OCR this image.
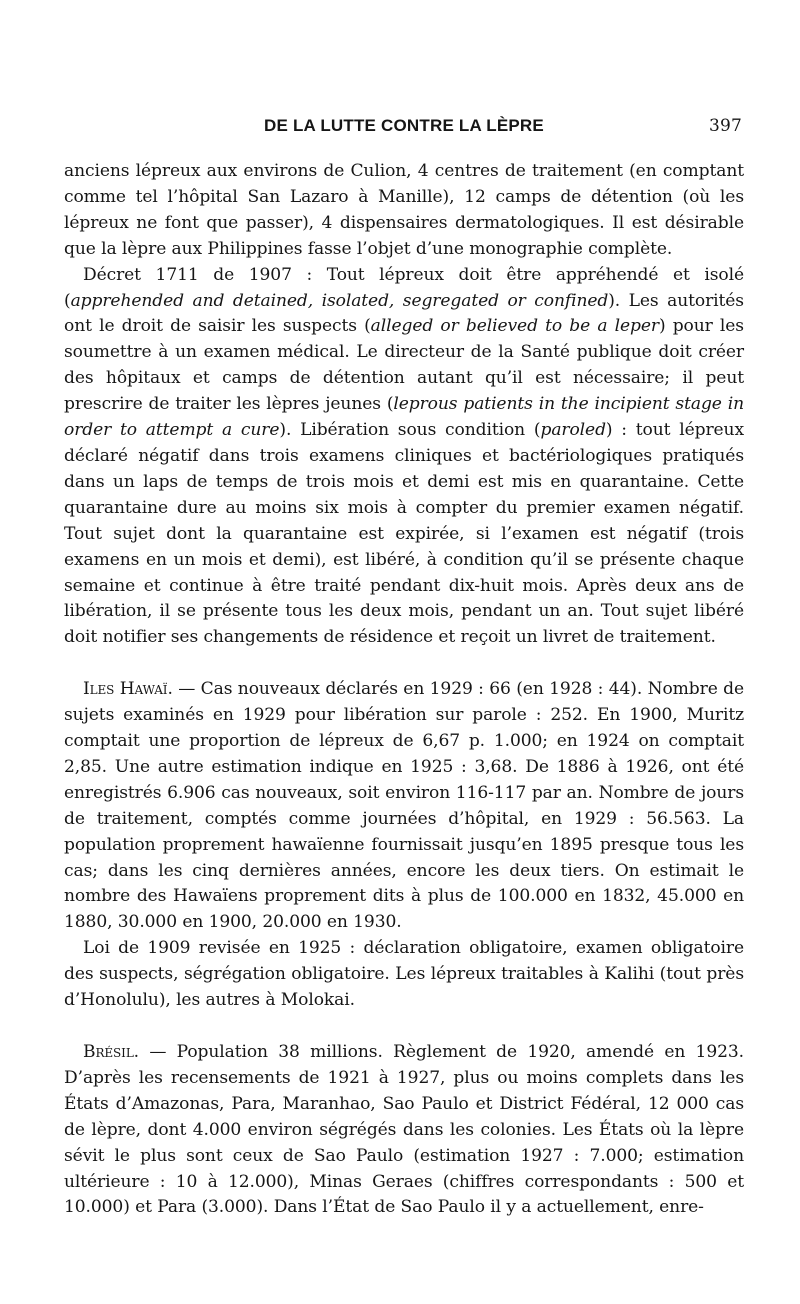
DE LA LUTTE CONTRE LA LÈPRE	397

anciens lépreux aux environs de Culion, 4 centres de traitement (en comptant comme tel l’hôpital San Lazaro à Manille), 12 camps de détention (où les lépreux ne font que passer), 4 dispensaires dermatologiques. Il est désirable que la lèpre aux Philippines fasse l’objet d’une monographie complète.

Décret 1711 de 1907 : Tout lépreux doit être appréhendé et isolé (apprehended and detained, isolated, segregated or confined). Les autorités ont le droit de saisir les suspects (alleged or believed to be a leper) pour les soumettre à un examen médical. Le directeur de la Santé publique doit créer des hôpitaux et camps de détention autant qu’il est nécessaire; il peut prescrire de traiter les lèpres jeunes (leprous patients in the incipient stage in order to attempt a cure). Libération sous condition (paroled) : tout lépreux déclaré négatif dans trois examens cliniques et bactériologiques pratiqués dans un laps de temps de trois mois et demi est mis en quarantaine. Cette quarantaine dure au moins six mois à compter du premier examen négatif. Tout sujet dont la quarantaine est expirée, si l’examen est négatif (trois examens en un mois et demi), est libéré, à condition qu’il se présente chaque semaine et continue à être traité pendant dix-huit mois. Après deux ans de libération, il se présente tous les deux mois, pendant un an. Tout sujet libéré doit notifier ses changements de résidence et reçoit un livret de traitement.

Iles Hawaï. — Cas nouveaux déclarés en 1929 : 66 (en 1928 : 44). Nombre de sujets examinés en 1929 pour libération sur parole : 252. En 1900, Muritz comptait une proportion de lépreux de 6,67 p. 1.000; en 1924 on comptait 2,85. Une autre estimation indique en 1925 : 3,68. De 1886 à 1926, ont été enregistrés 6.906 cas nouveaux, soit environ 116-117 par an. Nombre de jours de traitement, comptés comme journées d’hôpital, en 1929 : 56.563. La population proprement hawaïenne fournissait jusqu’en 1895 presque tous les cas; dans les cinq dernières années, encore les deux tiers. On estimait le nombre des Hawaïens proprement dits à plus de 100.000 en 1832, 45.000 en 1880, 30.000 en 1900, 20.000 en 1930.

Loi de 1909 revisée en 1925 : déclaration obligatoire, examen obligatoire des suspects, ségrégation obligatoire. Les lépreux traitables à Kalihi (tout près d’Honolulu), les autres à Molokai.

Brésil. — Population 38 millions. Règlement de 1920, amendé en 1923. D’après les recensements de 1921 à 1927, plus ou moins complets dans les États d’Amazonas, Para, Maranhao, Sao Paulo et District Fédéral, 12 000 cas de lèpre, dont 4.000 environ ségrégés dans les colonies. Les États où la lèpre sévit le plus sont ceux de Sao Paulo (estimation 1927 : 7.000; estimation ultérieure : 10 à 12.000), Minas Geraes (chiffres correspondants : 500 et 10.000) et Para (3.000). Dans l’État de Sao Paulo il y a actuellement, enre-
